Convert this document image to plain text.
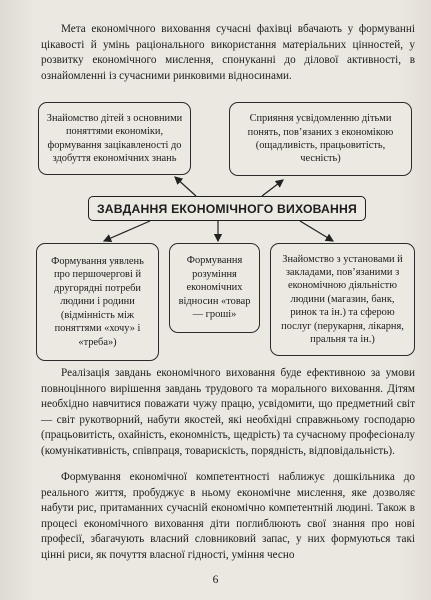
Мета економічного виховання сучасні фахівці вбачають у формуванні цікавості й умінь раціонального використання матеріальних цінностей, у розвитку економічного мислення, спонуканні до ділової активності, в ознайомленні із сучасними ринковими відносинами.

Знайомство дітей з основними поняттями економіки, формування зацікавленості до здобуття економічних знань
Сприяння усвідомленню дітьми понять, пов’язаних з економікою (ощадливість, працьовитість, чесність)
ЗАВДАННЯ ЕКОНОМІЧНОГО ВИХОВАННЯ
Формування уявлень про першочергові й другорядні потреби людини і родини (відмінність між поняттями «хочу» і «треба»)
Формування розуміння економічних відносин «товар — гроші»
Знайомство з установами й закладами, пов’язаними з економічною діяльністю людини (магазин, банк, ринок та ін.) та сферою послуг (перукарня, лікарня, пральня та ін.)

Реалізація завдань економічного виховання буде ефективною за умови повноцінного вирішення завдань трудового та морального виховання. Дітям необхідно навчитися поважати чужу працю, усвідомити, що предметний світ — світ рукотворний, набути якостей, які необхідні справжньому господарю (працьовитість, охайність, економність, щедрість) та сучасному професіоналу (комунікативність, співпраця, товарискість, порядність, відповідальність).

Формування економічної компетентності наближує дошкільника до реального життя, пробуджує в ньому економічне мислення, яке дозволяє набути рис, притаманних сучасній економічно компетентній людині. Також в процесі економічного виховання діти поглиблюють свої знання про нові професії, збагачують власний словниковий запас, у них формуються такі цінні риси, як почуття власної гідності, уміння чесно

6
